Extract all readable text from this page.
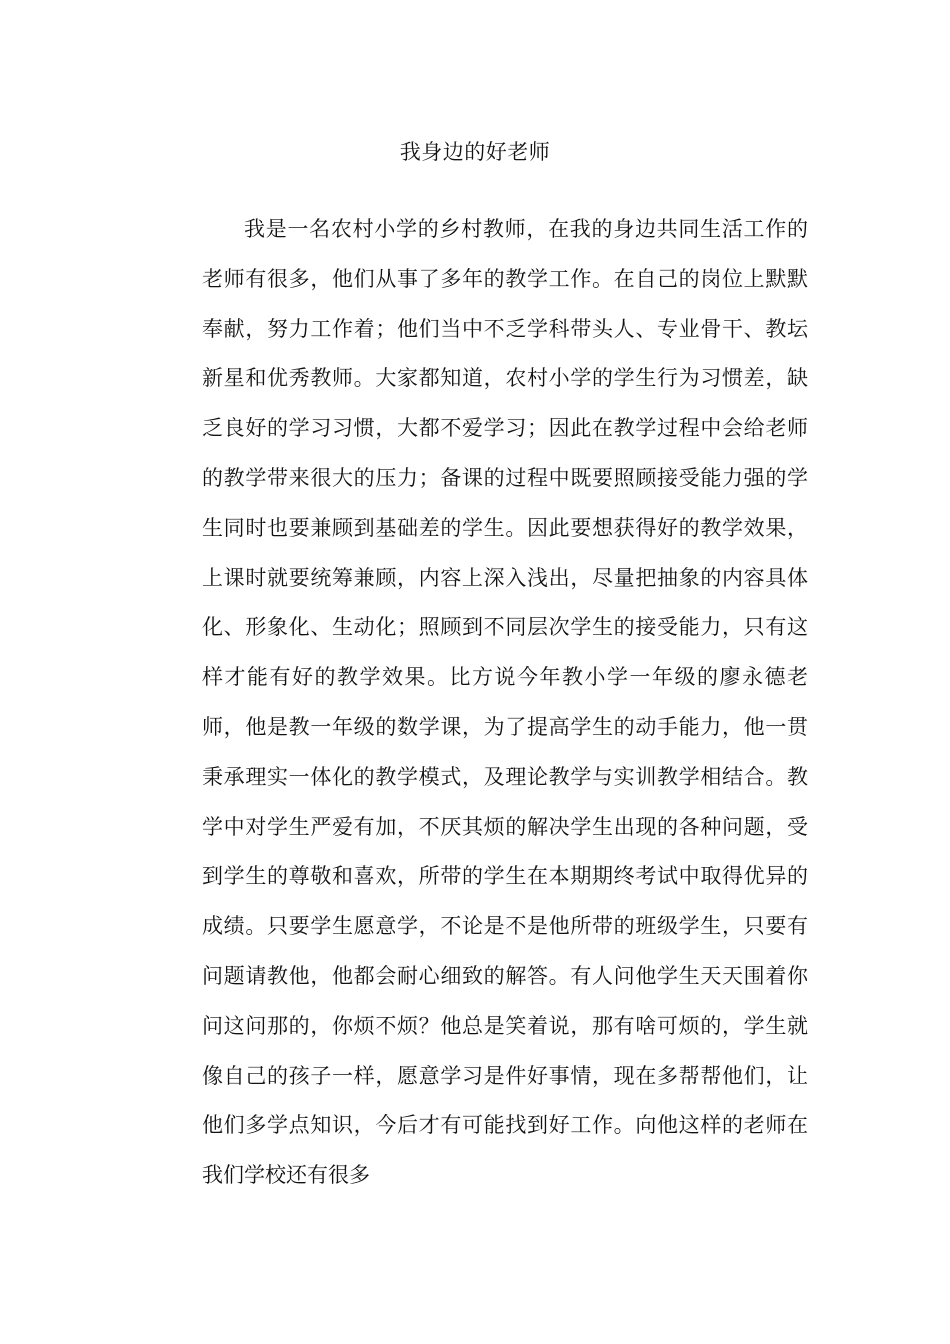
我身边的好老师

我是一名农村小学的乡村教师，在我的身边共同生活工作的老师有很多，他们从事了多年的教学工作。在自己的岗位上默默奉献，努力工作着；他们当中不乏学科带头人、专业骨干、教坛新星和优秀教师。大家都知道，农村小学的学生行为习惯差，缺乏良好的学习习惯，大都不爱学习；因此在教学过程中会给老师的教学带来很大的压力；备课的过程中既要照顾接受能力强的学生同时也要兼顾到基础差的学生。因此要想获得好的教学效果，上课时就要统筹兼顾，内容上深入浅出，尽量把抽象的内容具体化、形象化、生动化；照顾到不同层次学生的接受能力，只有这样才能有好的教学效果。比方说今年教小学一年级的廖永德老师，他是教一年级的数学课，为了提高学生的动手能力，他一贯秉承理实一体化的教学模式，及理论教学与实训教学相结合。教学中对学生严爱有加，不厌其烦的解决学生出现的各种问题，受到学生的尊敬和喜欢，所带的学生在本期期终考试中取得优异的成绩。只要学生愿意学，不论是不是他所带的班级学生，只要有问题请教他，他都会耐心细致的解答。有人问他学生天天围着你问这问那的，你烦不烦？他总是笑着说，那有啥可烦的，学生就像自己的孩子一样，愿意学习是件好事情，现在多帮帮他们，让他们多学点知识，今后才有可能找到好工作。向他这样的老师在我们学校还有很多
